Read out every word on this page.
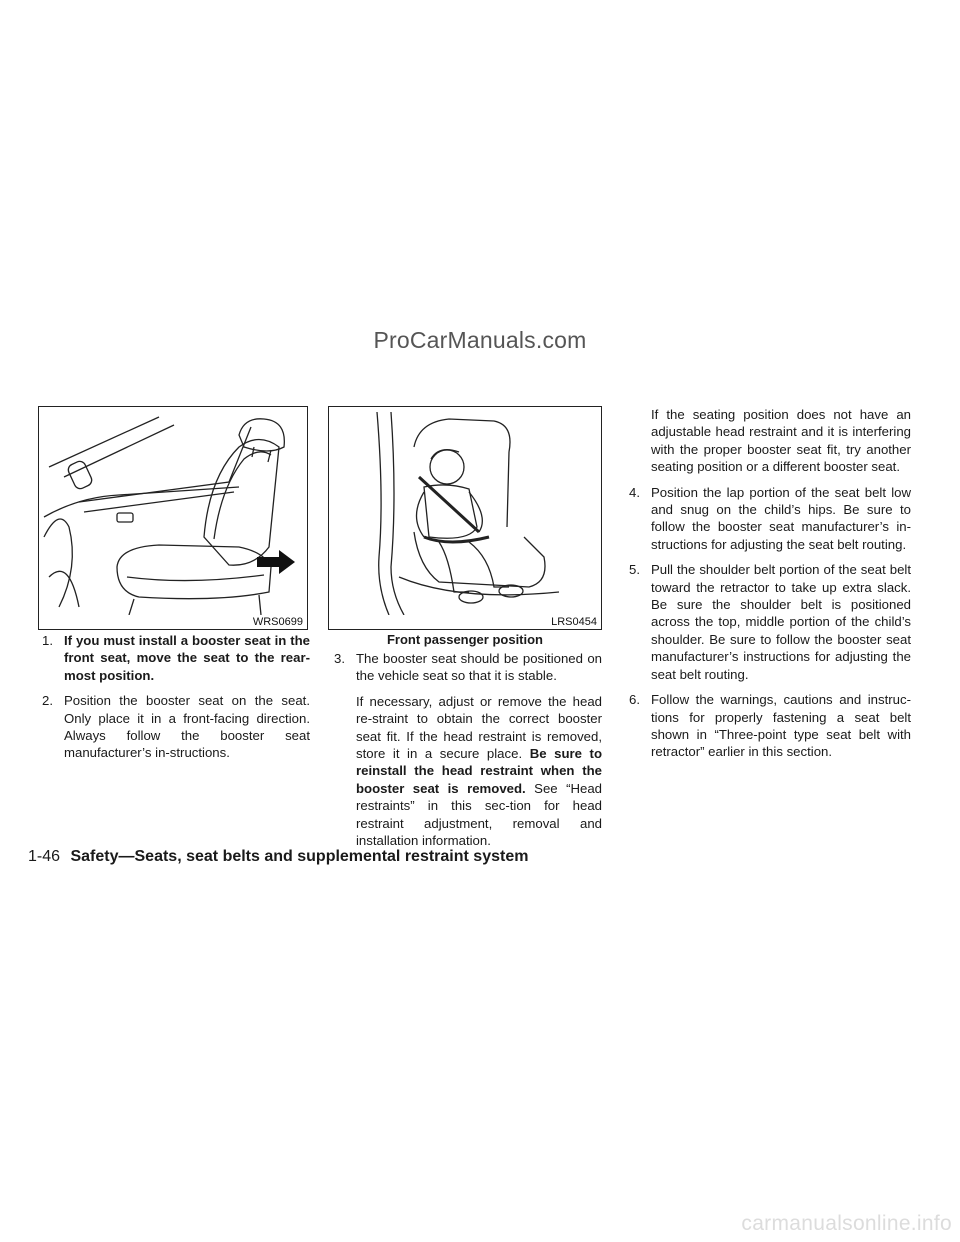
ProCarManuals.com
WRS0699	LRS0454
Front passenger position
1. If you must install a booster seat in the front seat, move the seat to the rear-most position.
2. Position the booster seat on the seat. Only place it in a front-facing direction. Always follow the booster seat manufacturer’s in-structions.
3. The booster seat should be positioned on the vehicle seat so that it is stable.
If necessary, adjust or remove the head re-straint to obtain the correct booster seat fit. If the head restraint is removed, store it in a secure place. Be sure to reinstall the head restraint when the booster seat is removed. See “Head restraints” in this sec-tion for head restraint adjustment, removal and installation information.
If the seating position does not have an adjustable head restraint and it is interfering with the proper booster seat fit, try another seating position or a different booster seat.
4. Position the lap portion of the seat belt low and snug on the child’s hips. Be sure to follow the booster seat manufacturer’s in-structions for adjusting the seat belt routing.
5. Pull the shoulder belt portion of the seat belt toward the retractor to take up extra slack. Be sure the shoulder belt is positioned across the top, middle portion of the child’s shoulder. Be sure to follow the booster seat manufacturer’s instructions for adjusting the seat belt routing.
6. Follow the warnings, cautions and instruc-tions for properly fastening a seat belt shown in “Three-point type seat belt with retractor” earlier in this section.
1-46 Safety—Seats, seat belts and supplemental restraint system
carmanualsonline.info
